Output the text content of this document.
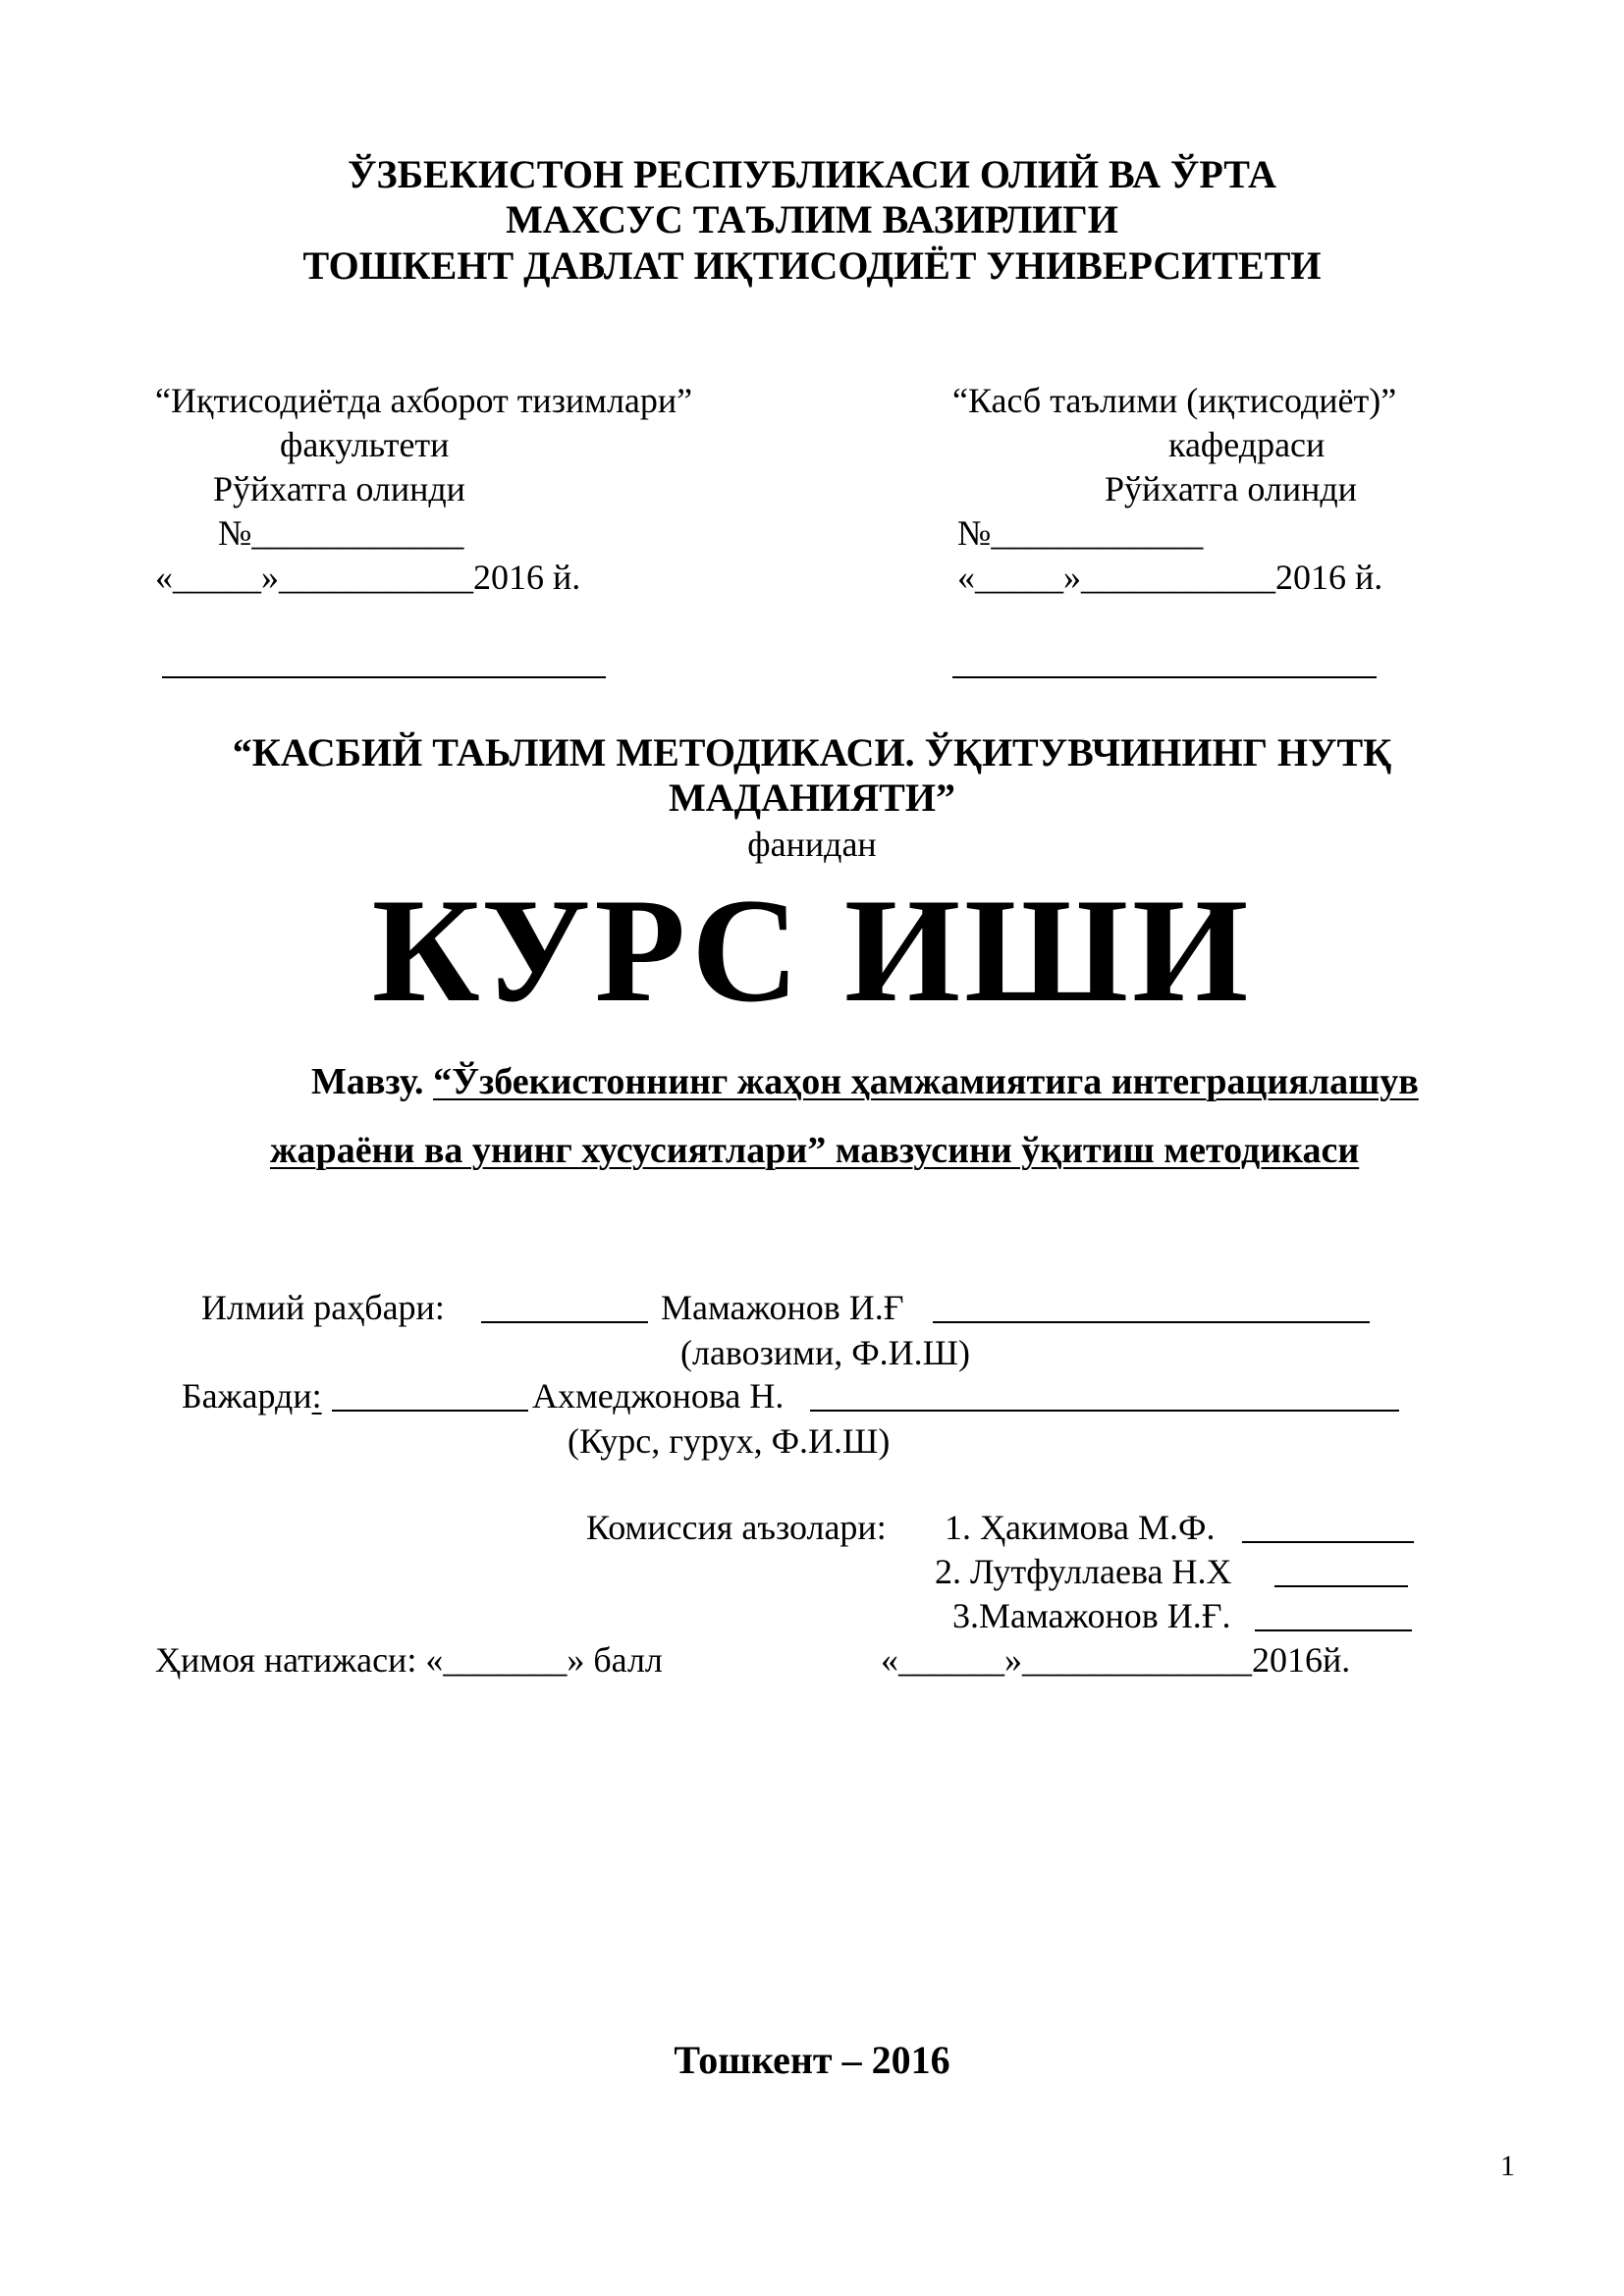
ЎЗБЕКИСТОН РЕСПУБЛИКАСИ ОЛИЙ ВА ЎРТА
МАХСУС ТАЪЛИМ ВАЗИРЛИГИ
ТОШКЕНТ ДАВЛАТ ИҚТИСОДИЁТ УНИВЕРСИТЕТИ
“Иқтисодиётда ахборот тизимлари”
факультети
Рўйхатга олинди
№____________
«_____»___________2016 й.
“Касб таълими (иқтисодиёт)”
кафедраси
Рўйхатга олинди
№____________
«_____»___________2016 й.
“КАСБИЙ ТАЬЛИМ МЕТОДИКАСИ. ЎҚИТУВЧИНИНГ НУТҚ
МАДАНИЯТИ”
фанидан
КУРС ИШИ
Мавзу. “Ўзбекистоннинг жаҳон ҳамжамиятига интеграциялашув
жараёни ва унинг хусусиятлари” мавзусини ўқитиш методикаси
Илмий раҳбари:	Мамажонов И.Ғ
(лавозими, Ф.И.Ш)
Бажарди:	Ахмеджонова Н.
(Курс, гурух, Ф.И.Ш)
Комиссия аъзолари: 1. Ҳакимова М.Ф.
2. Лутфуллаева Н.Х
3.Мамажонов И.Ғ.
Ҳимоя натижаси: «_______» балл	«______»_____________2016й.
Тошкент – 2016
1
